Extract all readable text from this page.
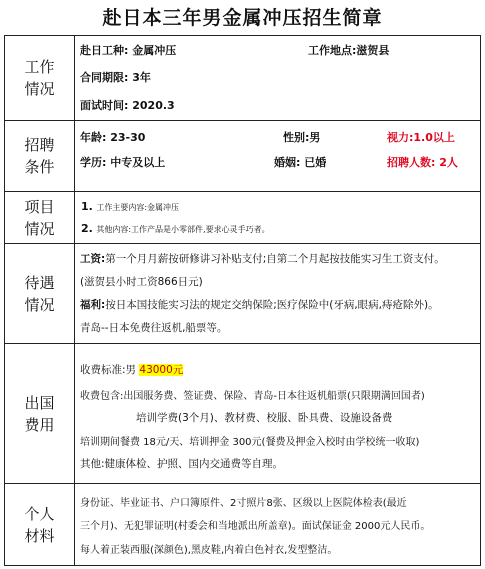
赴日本三年男金属冲压招生简章
工作
情况
赴日工种: 金属冲压	工作地点:滋贺县
合同期限: 3年
面试时间: 2020.3
招聘
条件
年龄: 23-30	性别:男	视力:1.0以上
学历: 中专及以上	婚姻: 已婚	招聘人数: 2人
项目
情况
1. 工作主要内容:金属冲压
2. 其他内容:工作产品是小零部件,要求心灵手巧者。
待遇
情况
工资:第一个月月薪按研修讲习补贴支付;自第二个月起按技能实习生工资支付。
(滋贺县小时工资866日元)
福利:按日本国技能实习法的规定交纳保险;医疗保险中(牙病,眼病,痔疮除外)。
青岛--日本免费往返机,船票等。
出国
费用
收费标准:男 43000元
收费包含:出国服务费、签证费、保险、青岛-日本往返机船票(只限期满回国者)
培训学费(3个月)、教材费、校服、卧具费、设施设备费
培训期间餐费 18元/天、培训押金 300元(餐费及押金入校时由学校统一收取)
其他:健康体检、护照、国内交通费等自理。
个人
材料
身份证、毕业证书、户口簿原件、2寸照片8张、区级以上医院体检表(最近
三个月)、无犯罪证明(村委会和当地派出所盖章)。面试保证金 2000元人民币。
每人着正装西服(深颜色),黑皮鞋,内着白色衬衣,发型整洁。
